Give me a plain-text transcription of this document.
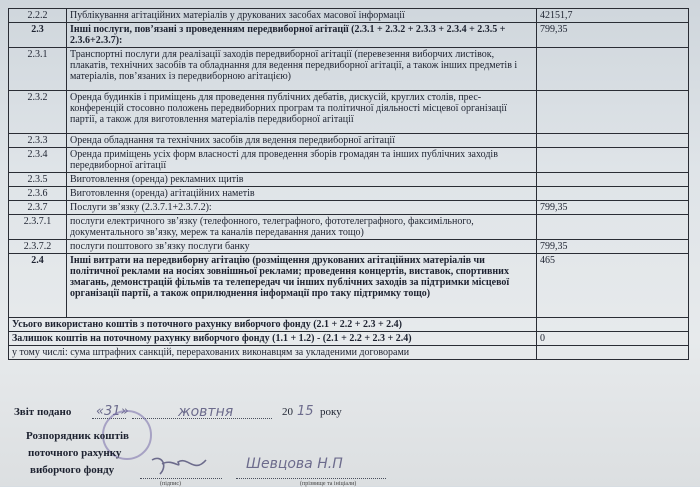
2.2.2	Публікування агітаційних матеріалів у друкованих засобах масової інформації	42151,7
2.3	Інші послуги, пов’язані з проведенням передвиборної агітації (2.3.1 + 2.3.2 + 2.3.3 + 2.3.4 + 2.3.5 + 2.3.6+2.3.7):	799,35
2.3.1	Транспортні послуги для реалізації заходів передвиборної агітації (перевезення виборчих листівок, плакатів, технічних засобів та обладнання для ведення передвиборної агітації, а також інших предметів і матеріалів, пов’язаних із передвиборною агітацією)	
2.3.2	Оренда будинків і приміщень для проведення публічних дебатів, дискусій, круглих столів, прес-конференцій стосовно положень передвиборних програм та політичної діяльності місцевої організації партії, а також для виготовлення матеріалів передвиборної агітації	
2.3.3	Оренда обладнання та технічних засобів для ведення передвиборної агітації	
2.3.4	Оренда приміщень усіх форм власності для проведення зборів громадян та інших публічних заходів передвиборної агітації	
2.3.5	Виготовлення (оренда) рекламних щитів	
2.3.6	Виготовлення (оренда) агітаційних наметів	
2.3.7	Послуги зв’язку (2.3.7.1+2.3.7.2):	799,35
2.3.7.1	послуги електричного зв’язку (телефонного, телеграфного, фототелеграфного, факсимільного, документального зв’язку, мереж та каналів передавання даних тощо)	
2.3.7.2	послуги поштового зв’язку послуги банку	799,35
2.4	Інші витрати на передвиборну агітацію (розміщення друкованих агітаційних матеріалів чи політичної реклами на носіях зовнішньої реклами; проведення концертів, виставок, спортивних змагань, демонстрацій фільмів та телепередач чи інших публічних заходів за підтримки місцевої організації партії, а також оприлюднення інформації про таку підтримку тощо)	465
Усього використано коштів з поточного рахунку виборчого фонду (2.1 + 2.2 + 2.3 + 2.4)		
Залишок коштів на поточному рахунку виборчого фонду (1.1 + 1.2) - (2.1 + 2.2 + 2.3 + 2.4)		0
у тому числі: сума штрафних санкцій, перерахованих виконавцям за укладеними договорами		
Звіт подано «31»	жовтня	20 15 року
Розпорядник коштів
поточного рахунку
виборчого фонду	Шевцова Н.П
(підпис)	(прізвище та ініціали)
